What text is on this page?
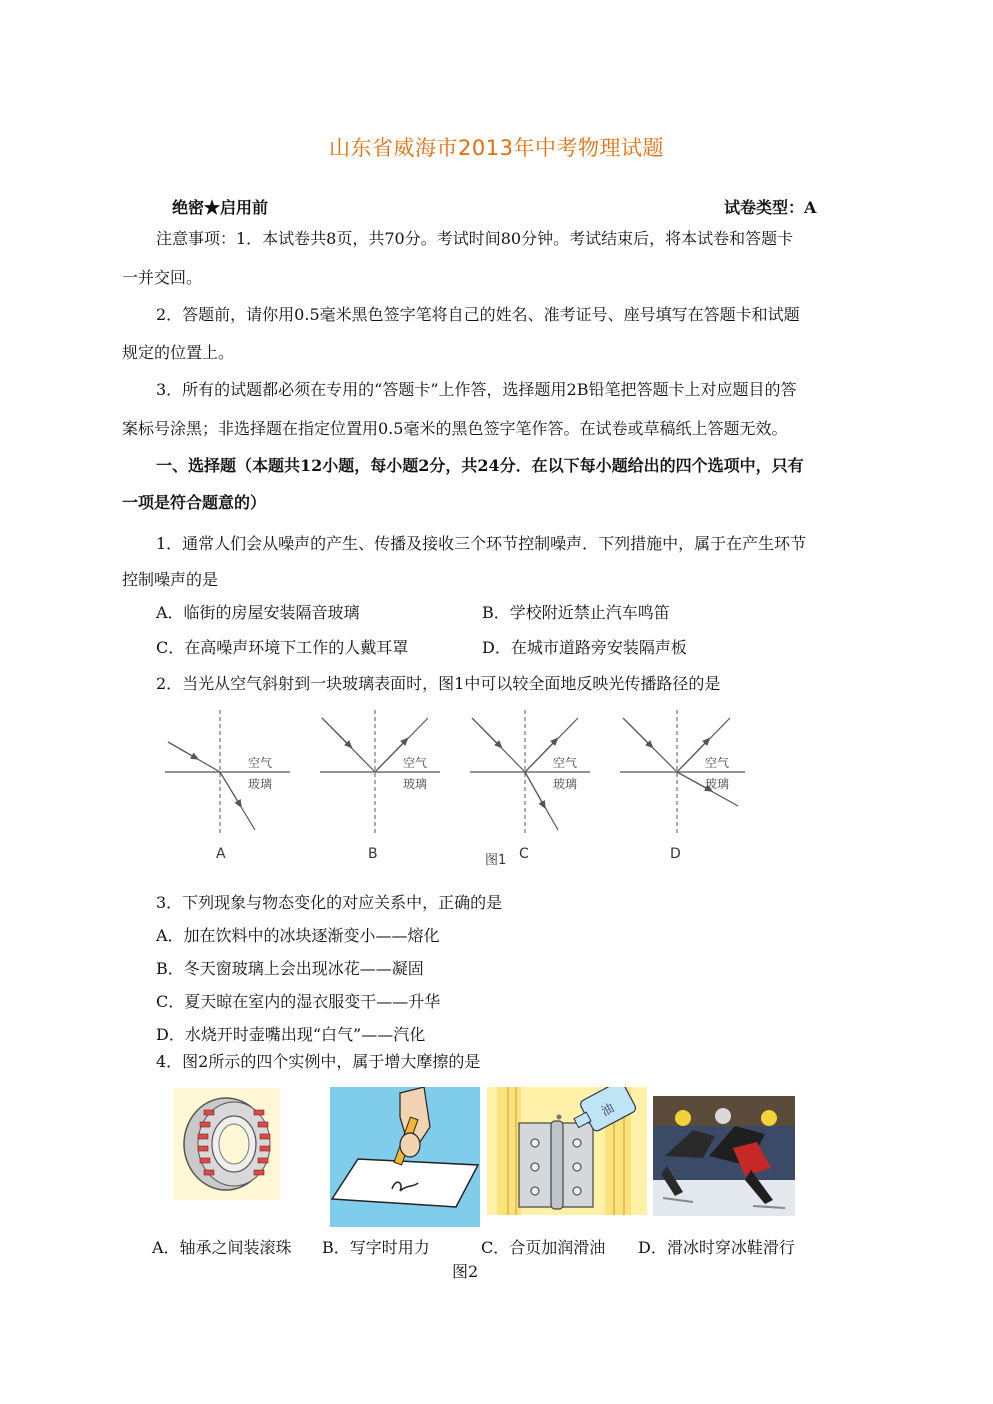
山东省威海市2013年中考物理试题
绝密★启用前	试卷类型：A
注意事项：1．本试卷共8页，共70分。考试时间80分钟。考试结束后，将本试卷和答题卡
一并交回。
2．答题前，请你用0.5毫米黑色签字笔将自己的姓名、准考证号、座号填写在答题卡和试题
规定的位置上。
3．所有的试题都必须在专用的“答题卡”上作答，选择题用2B铅笔把答题卡上对应题目的答
案标号涂黑；非选择题在指定位置用0.5毫米的黑色签字笔作答。在试卷或草稿纸上答题无效。
一、选择题（本题共12小题，每小题2分，共24分．在以下每小题给出的四个选项中，只有
一项是符合题意的）
1．通常人们会从噪声的产生、传播及接收三个环节控制噪声．下列措施中，属于在产生环节
控制噪声的是
A．临街的房屋安装隔音玻璃	B．学校附近禁止汽车鸣笛
C．在高噪声环境下工作的人戴耳罩	D．在城市道路旁安装隔声板
2．当光从空气斜射到一块玻璃表面时，图1中可以较全面地反映光传播路径的是
空气
玻璃
A
空气
玻璃
B
空气
玻璃
C
空气
玻璃
D
图1
3．下列现象与物态变化的对应关系中，正确的是
A．加在饮料中的冰块逐渐变小——熔化
B．冬天窗玻璃上会出现冰花——凝固
C．夏天晾在室内的湿衣服变干——升华
D．水烧开时壶嘴出现“白气”——汽化
4．图2所示的四个实例中，属于增大摩擦的是
油
A．轴承之间装滚珠 B．写字时用力	C．合页加润滑油 D．滑冰时穿冰鞋滑行
图2
